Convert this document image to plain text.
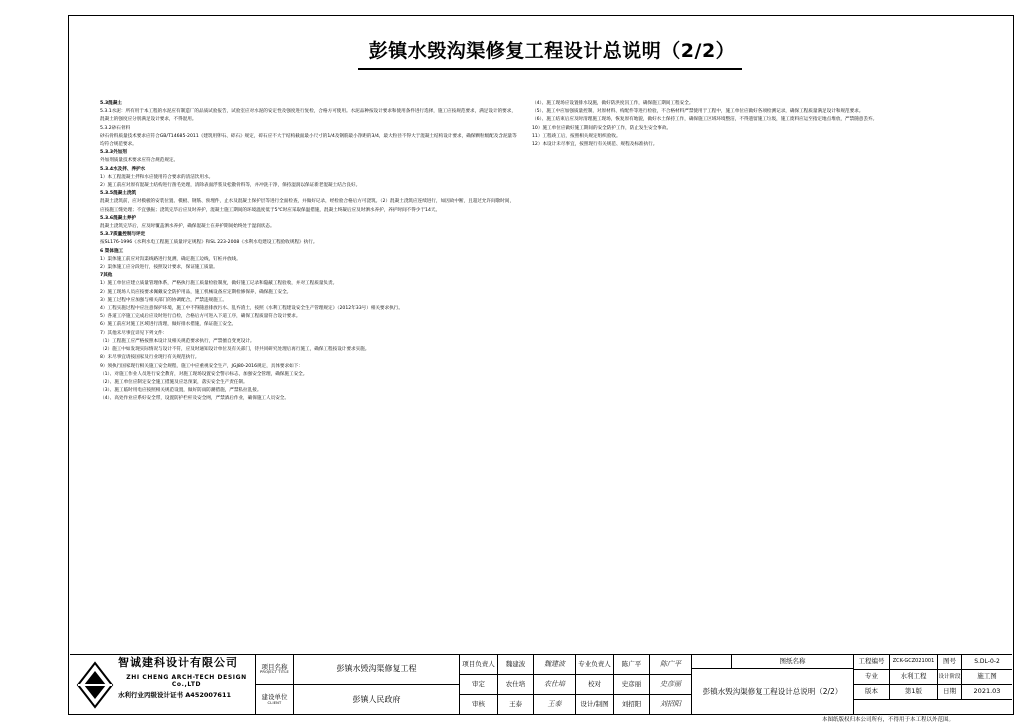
彭镇水毁沟渠修复工程设计总说明（2/2）

5.3混凝土

5.3.1水泥：所有用于本工程的水泥应有制造厂的品质试验报告，试验室应对水泥的安定性及强度进行复检，合格方可使用。水泥品种按设计要求和使用条件进行选择，施工应按规范要求，满足设计的要求，混凝土的强度应分别满足设计要求，不得混用。

5.3.2砂石骨料

砂石骨料质量技术要求应符合GB/T14685-2011《建筑用卵石、碎石》规定，碎石应不大于结构截面最小尺寸的1/4及钢筋最小净距的3/4，最大粒径不得大于混凝土结构设计要求，确保颗粒级配及含泥量等均符合规范要求。

5.3.3外加剂

外加剂质量技术要求应符合规范规定。

5.3.4水及拌、养护水

1）本工程混凝土拌和水应使用符合要求的清洁饮用水。

2）施工前应对原有混凝土结构进行凿毛处理，清除表面浮浆及松散骨料等，并冲洗干净，保持湿润以保证新老混凝土结合良好。

5.3.5混凝土浇筑

混凝土浇筑前，应对模板的安装位置、模板、钢筋、预埋件，止水及混凝土保护层等进行全面检查，并做好记录，经检验合格后方可浇筑。（2）混凝土浇筑应连续进行，如因故中断，且超过允许间歇时间，应按施工缝处理；不宜强振；浇筑完毕后应及时养护，混凝土施工期间的环境温度低于5℃时应采取保温措施，混凝土终凝后应及时洒水养护，养护时间不得少于14天。

5.3.6混凝土养护

混凝土浇筑完毕后，应及时覆盖洒水养护，确保混凝土在养护期间始终处于湿润状态。

5.3.7质量控制与评定

按SL176-1996《水利水电工程施工质量评定规程》和SL 223-2008《水利水电建设工程验收规程》执行。

6 渠体施工

1）渠体施工前应对沟渠线路进行复测，确定施工边线，钉桩并放线。

2）渠体施工应分段进行，按照设计要求，保证施工质量。

7其他

1）施工单位应建立质量管理体系，严格执行施工质量检验制度，做好施工记录和隐蔽工程验收，并对工程质量负责。

2）施工现场人员应按要求佩戴安全防护用品，施工机械设备应定期检修保养，确保施工安全。

3）施工过程中应加强与相关部门的协调配合，严禁违规施工。

4）工程实施过程中应注意保护环境，施工中不得随意排放污水、乱弃渣土，按照《水利工程建设安全生产管理规定》（2012年33号）相关要求执行。

5）各道工序施工完成后应及时进行自检，合格后方可进入下道工序，确保工程质量符合设计要求。

6）施工前应对施工区域进行清理，做好排水措施，保证施工安全。

7）其他未尽事宜详见下列文件：

（1）工程施工应严格按照本设计及相关规范要求执行，严禁擅自变更设计。

（2）施工中如发现实际情况与设计不符，应及时通知设计单位及有关部门，待共同研究处理后再行施工，确保工程按设计要求实施。

8）未尽事宜请按国家及行业现行有关规范执行。

9）须执行国家现行相关施工安全规程，施工中应重视安全生产，JGJ80-2016规定，具体要求如下：

（1）、对施工作业人员进行安全教育，对施工现场设置安全警示标志，加强安全管理，确保施工安全。

（2）、施工单位应制定安全施工措施及应急预案，落实安全生产责任制。

（3）、施工临时用电应按照相关规范设置，做好防雨防潮措施，严禁私拉乱接。

（4）、高处作业应系好安全带，设置防护栏杆及安全网，严禁酒后作业，确保施工人员安全。

（4）、施工现场应设置排水设施，做好防洪度汛工作，确保施工期间工程安全。

（5）、施工中应加强质量控制，对原材料、构配件等进行检验，不合格材料严禁使用于工程中，施工单位应做好各项检测记录，确保工程质量满足设计和规范要求。

（6）、施工结束后应及时清理施工现场，恢复原有地貌，做好水土保持工作，确保施工区域环境整洁，不得遗留施工垃圾，施工废料应运至指定地点堆放，严禁随意丢弃。

10）施工单位应做好施工期间的安全防护工作，防止发生安全事故。

11）工程竣工后，按照相关规定组织验收。

12）本设计未尽事宜，按照现行有关规范、规程及标准执行。

智诚建科设计有限公司
ZHI CHENG ARCH-TECH DESIGN Co.,LTD
水利行业丙级设计证书 A452007611
项目名称
PROJECT TITLE	彭镇水毁沟渠修复工程
建设单位
CLIENT	彭镇人民政府
项目负责人	魏建波	魏建波
审定	农仕培	农仕培
审核	王泰	王泰
专业负责人	陈广平	陈广平
校对	史彦丽	史彦丽
设计/制图	刘招阳	刘招阳
图纸名称
彭镇水毁沟渠修复工程设计总说明（2/2）
工程编号	ZCK-GCZ021001	图号	S.DL-0-2
专业	水利工程	设计阶段	施工图
版本	第1版	日期	2021.03
本图纸版权归本公司所有，不得用于本工程以外范围。
